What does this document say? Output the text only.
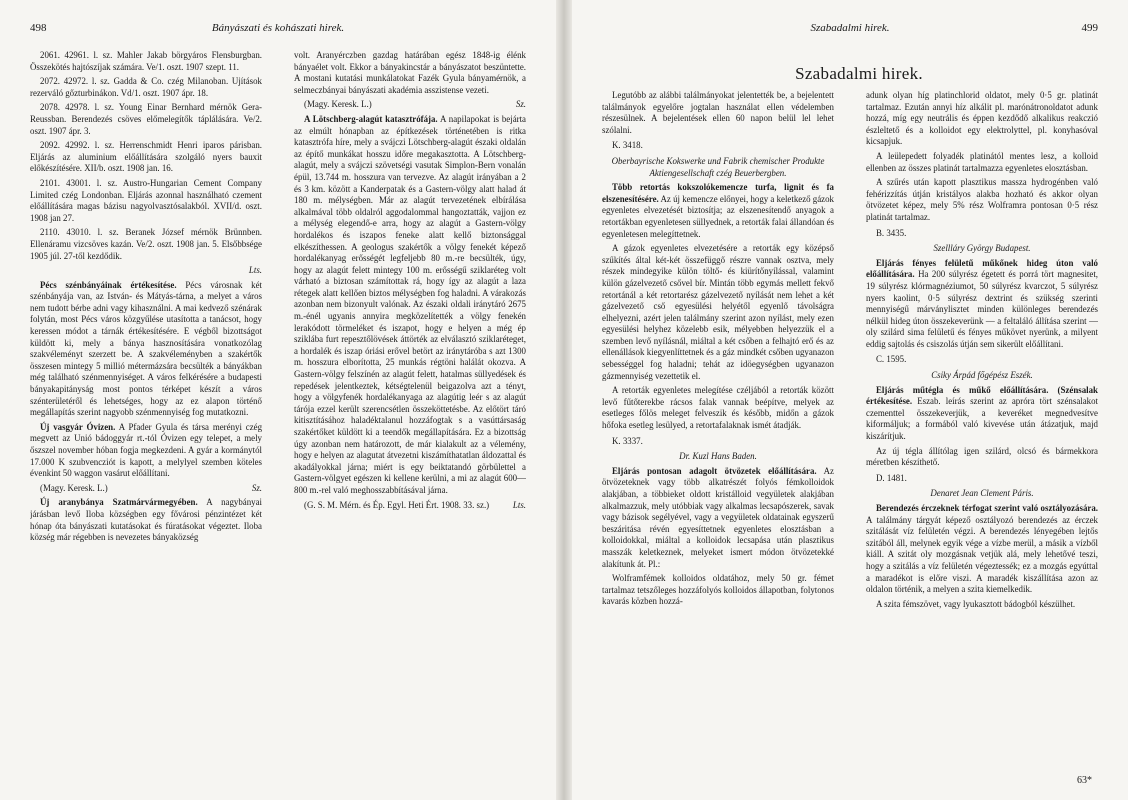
498	Bányászati és kohászati hirek.

2061. 42961. l. sz. Mahler Jakab börgyáros Flensburgban. Összekötés hajtószíjak számára. Ve/1. oszt. 1907 szept. 11.

2072. 42972. l. sz. Gadda & Co. czég Milanoban. Ujítások rezerváló gőzturbinákon. Vd/1. oszt. 1907 ápr. 18.

2078. 42978. l. sz. Young Einar Bernhard mérnök Gera-Reussban. Berendezés csöves előmelegítők táplálására. Ve/2. oszt. 1907 ápr. 3.

2092. 42992. l. sz. Herrenschmidt Henri iparos párisban. Eljárás az aluminium előállítására szolgáló nyers bauxit előkészítésére. XII/b. oszt. 1908 jan. 16.

2101. 43001. l. sz. Austro-Hungarian Cement Company Limited czég Londonban. Eljárás azonnal használható czement előállítására magas bázisu nagyolvasztósalakból. XVII/d. oszt. 1908 jan 27.

2110. 43010. l. sz. Beranek József mérnök Brünnben. Ellenáramu vizcsöves kazán. Ve/2. oszt. 1908 jan. 5. Elsőbbsége 1905 júl. 27-től kezdődik.

Lts.

Pécs szénbányáinak értékesítése. Pécs városnak két szénbányája van, az István- és Mátyás-tárna, a melyet a város nem tudott bérbe adni vagy kihasználni. A mai kedvező szénárak folytán, most Pécs város közgyűlése utasította a tanácsot, hogy keressen módot a tárnák értékesítésére. E végből bizottságot küldött ki, mely a bánya hasznosítására vonatkozólag szakvéleményt szerzett be. A szakvéleményben a szakértők összesen mintegy 5 millió métermázsára becsülték a bányákban még található szénmennyiséget. A város felkérésére a budapesti bányakapitányság most pontos térképet készít a város szénterületéről és lehetséges, hogy az ez alapon történő megállapítás szerint nagyobb szénmennyiség fog mutatkozni.

Új vasgyár Óvizen. A Pfader Gyula és társa merényi czég megvett az Unió bádoggyár rt.-tól Óvizen egy telepet, a mely őszszel november hóban fogja megkezdeni. A gyár a kormánytól 17.000 K szubvencziót is kapott, a melylyel szemben köteles évenkint 50 waggon vasárut előállítani.

(Magy. Keresk. L.)	Sz.

Új aranybánya Szatmárvármegyében. A nagybányai járásban levő Iloba községben egy fővárosi pénzintézet két hónap óta bányászati kutatásokat és fúratásokat végeztet. Iloba község már régebben is nevezetes bányaközség

volt. Aranyérczben gazdag határában egész 1848-ig élénk bányaélet volt. Ekkor a bányakincstár a bányászatot beszüntette. A mostani kutatási munkálatokat Fazék Gyula bányamérnök, a selmeczbányai bányászati akadémia asszistense vezeti.

(Magy. Keresk. L.)	Sz.

A Lötschberg-alagút katasztrófája. A napilapokat is bejárta az elmúlt hónapban az építkezések történetében is ritka katasztrófa híre, mely a svájczi Lötschberg-alagút északi oldalán az építő munkákat hosszu időre megakasztotta. A Lötschberg-alagút, mely a svájczi szövetségi vasutak Simplon-Bern vonalán épül, 13.744 m. hosszura van tervezve. Az alagút irányában a 2 és 3 km. között a Kanderpatak és a Gastern-völgy alatt halad át 180 m. mélységben. Már az alagút tervezetének elbírálása alkalmával több oldalról aggodalommal hangoztatták, vajjon ez a mélység elegendő-e arra, hogy az alagút a Gastern-völgy hordalékos és iszapos feneke alatt kellő biztonsággal elkészíthessen. A geologus szakértők a völgy fenekét képező hordalékanyag erősségét legfeljebb 80 m.-re becsülték, úgy, hogy az alagút felett mintegy 100 m. erősségű sziklaréteg volt várható a biztosan számítottak rá, hogy így az alagút a laza rétegek alatt kellően biztos mélységben fog haladni. A várakozás azonban nem bizonyult valónak. Az északi oldali iránytáró 2675 m.-énél ugyanis annyira megközelítették a völgy fenekén lerakódott törmeléket és iszapot, hogy e helyen a még ép sziklába furt repesztőlövések áttörték az elválasztó sziklaréteget, a hordalék és iszap óriási erővel betört az iránytáróba s azt 1300 m. hosszura elborította, 25 munkás régtöni halálát okozva. A Gastern-völgy felszínén az alagút felett, hatalmas süllyedések és repedések jelentkeztek, kétségtelenül beigazolva azt a tényt, hogy a völgyfenék hordalékanyaga az alagútig leér s az alagút tárója ezzel került szerencsétlen összeköttetésbe. Az előtört táró kitisztításához haladéktalanul hozzáfogtak s a vasúttársaság szakértőket küldött ki a teendők megállapítására. Ez a bizottság úgy azonban nem határozott, de már kialakult az a vélemény, hogy e helyen az alagutat átvezetni kiszámíthatatlan áldozattal és akadályokkal járna; miért is egy beiktatandó görbülettel a Gastern-völgyet egészen ki kellene kerülni, a mi az alagút 600—800 m.-rel való meghosszabbításával járna.

(G. S. M. Mérn. és Ép. Egyl. Heti Ért. 1908. 33. sz.)	Lts.

Szabadalmi hirek.	499
Szabadalmi hirek.

Legutóbb az alábbi találmányokat jelentették be, a bejelentett találmányok egyelőre jogtalan használat ellen védelemben részesülnek. A bejelentések ellen 60 napon belül lel lehet szólalni.

K. 3418.

Oberbayrische Kokswerke und Fabrik chemischer Produkte Aktiengesellschaft czég Beuerbergben.

Több retortás kokszolókemencze turfa, lignit és fa elszenesítésére. Az új kemencze előnyei, hogy a keletkező gázok egyenletes elvezetését biztosítja; az elszenesítendő anyagok a retortákban egyenletesen süllyednek, a retorták falai állandóan és egyenletesen melegíttetnek.

A gázok egyenletes elvezetésére a retorták egy középső szűkítés által két-két összefüggő részre vannak osztva, mely részek mindegyike külön töltő- és kiürítőnyílással, valamint külön gázelvezető csővel bír. Mintán több egymás mellett fekvő retortánál a két retortarész gázelvezető nyílását nem lehet a két gázelvezető cső egyesülési helyétől egyenlő távolságra elhelyezni, azért jelen találmány szerint azon nyílást, mely ezen egyesülési helyhez közelebb esik, mélyebben helyezzük el a szemben levő nyílásnál, miáltal a két csőben a felhajtó erő és az ellenállások kiegyenlíttetnek és a gáz mindkét csőben ugyanazon sebességgel fog haladni; tehát az idöegységben ugyanazon gázmennyiség vezettetik el.

A retorták egyenletes melegítése czéljából a retorták között levő fűtőterekbe rácsos falak vannak beépítve, melyek az esetleges főlös meleget felveszik és később, midőn a gázok hőfoka esetleg lesülyed, a retortafalaknak ismét átadják.

K. 3337.

Dr. Kuzl Hans Baden.

Eljárás pontosan adagolt ötvözetek előállítására. Az ötvözeteknek vagy több alkatrészét folyós fémkolloidok alakjában, a többieket oldott kristálloid vegyületek alakjában alkalmazzuk, mely utóbbiak vagy alkalmas lecsapószerek, savak vagy bázisok segélyével, vagy a vegyületek oldatainak egyszerű beszáritása révén egyesíttetnek egyenletes elosztásban a kolloidokkal, miáltal a kolloidok lecsapása után plasztikus masszák keletkeznek, melyeket ismert módon ötvözetekké alakítunk át. Pl.:

Wolframfémek kolloidos oldatához, mely 50 gr. fémet tartalmaz tetszőleges hozzáfolyós kolloidos állapotban, folytonos kavarás közben hozzá-

adunk olyan híg platinchlorid oldatot, mely 0·5 gr. platinát tartalmaz. Ezután annyi híz alkálit pl. marónátronoldatot adunk hozzá, míg egy neutrális és éppen kezdődő alkalikus reakczió észleltető és a kolloidot egy elektrolyttel, pl. konyhasóval kicsapjuk.

A leülepedett folyadék platinától mentes lesz, a kolloid ellenben az összes platinát tartalmazza egyenletes elosztásban.

A szűrés után kapott plasztikus massza hydrogénben való fehérizzítás útján kristályos alakba hozható és akkor olyan ötvözetet képez, mely 5% rész Wolframra pontosan 0·5 rész platinát tartalmaz.

B. 3435.

Szellláry György Budapest.

Eljárás fényes felületű műkőnek hideg úton való előállítására. Ha 200 súlyrész égetett és porrá tört magnesitet, 19 súlyrész klórmagnéziumot, 50 súlyrész kvarczot, 5 súlyrész nyers kaolint, 0·5 súlyrész dextrint és szükség szerinti mennyiségű márványlisztet minden különleges berendezés nélkül hideg úton összekeverünk — a feltaláló állítása szerint — oly szilárd sima felületű és fényes műkövet nyerünk, a milyent eddig sajtolás és csiszolás útján sem sikerült előállítani.

C. 1595.

Csiky Árpád főgépész Eszék.

Eljárás műtégla és műkő előállítására. (Szénsalak értékesítése. Eszab. leírás szerint az apróra tört szénsalakot czementtel összekeverjük, a keveréket megnedvesítve kiformáljuk; a formából való kivevése után átázatjuk, majd kiszárítjuk.

Az új tégla állítólag igen szilárd, olcsó és bármekkora méretben készíthető.

D. 1481.

Denaret Jean Clement Páris.

Berendezés érczeknek térfogat szerint való osztályozására. A találmány tárgyát képező osztályozó berendezés az érczek szitálását víz felületén végzi. A berendezés lényegében lejtős szitából áll, melynek egyik vége a vízbe merül, a másik a vízből kiáll. A szitát oly mozgásnak vetjük alá, mely lehetővé teszi, hogy a szitálás a víz felületén végeztessék; ez a mozgás egyúttal a maradékot is előre viszi. A maradék kiszállítása azon az oldalon történik, a melyen a szita kiemelkedik.

A szita fémszövet, vagy lyukasztott bádogból készülhet.

63*
